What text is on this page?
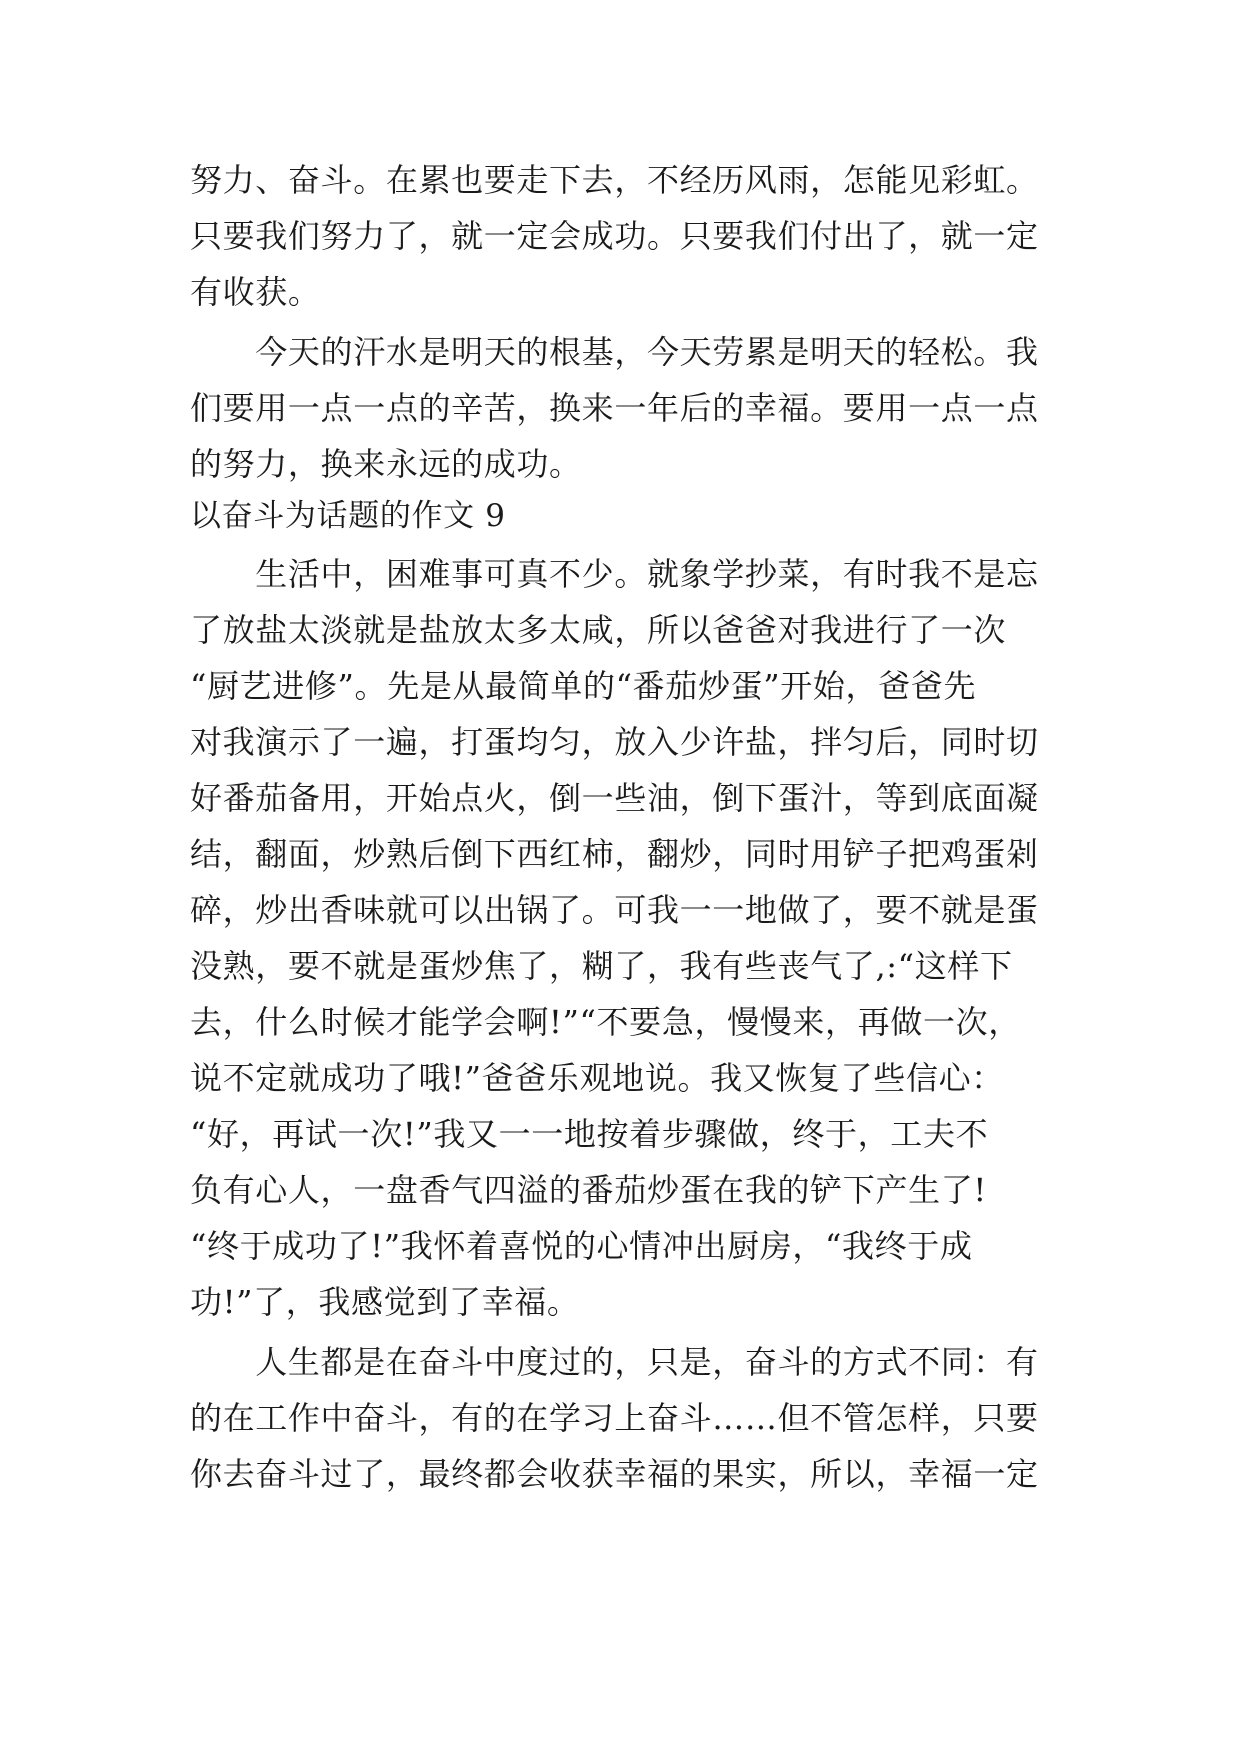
努力、奋斗。在累也要走下去，不经历风雨，怎能见彩虹。
只要我们努力了，就一定会成功。只要我们付出了，就一定
有收获。
　　今天的汗水是明天的根基，今天劳累是明天的轻松。我
们要用一点一点的辛苦，换来一年后的幸福。要用一点一点
的努力，换来永远的成功。
以奋斗为话题的作文 9
　　生活中，困难事可真不少。就象学抄菜，有时我不是忘
了放盐太淡就是盐放太多太咸，所以爸爸对我进行了一次
“厨艺进修”。先是从最简单的“番茄炒蛋”开始，爸爸先
对我演示了一遍，打蛋均匀，放入少许盐，拌匀后，同时切
好番茄备用，开始点火，倒一些油，倒下蛋汁，等到底面凝
结，翻面，炒熟后倒下西红柿，翻炒，同时用铲子把鸡蛋剁
碎，炒出香味就可以出锅了。可我一一地做了，要不就是蛋
没熟，要不就是蛋炒焦了，糊了，我有些丧气了,:“这样下
去，什么时候才能学会啊!”“不要急，慢慢来，再做一次，
说不定就成功了哦!”爸爸乐观地说。我又恢复了些信心：
“好，再试一次!”我又一一地按着步骤做，终于，工夫不
负有心人，一盘香气四溢的番茄炒蛋在我的铲下产生了!
“终于成功了!”我怀着喜悦的心情冲出厨房，“我终于成
功!”了，我感觉到了幸福。
　　人生都是在奋斗中度过的，只是，奋斗的方式不同：有
的在工作中奋斗，有的在学习上奋斗……但不管怎样，只要
你去奋斗过了，最终都会收获幸福的果实，所以，幸福一定
